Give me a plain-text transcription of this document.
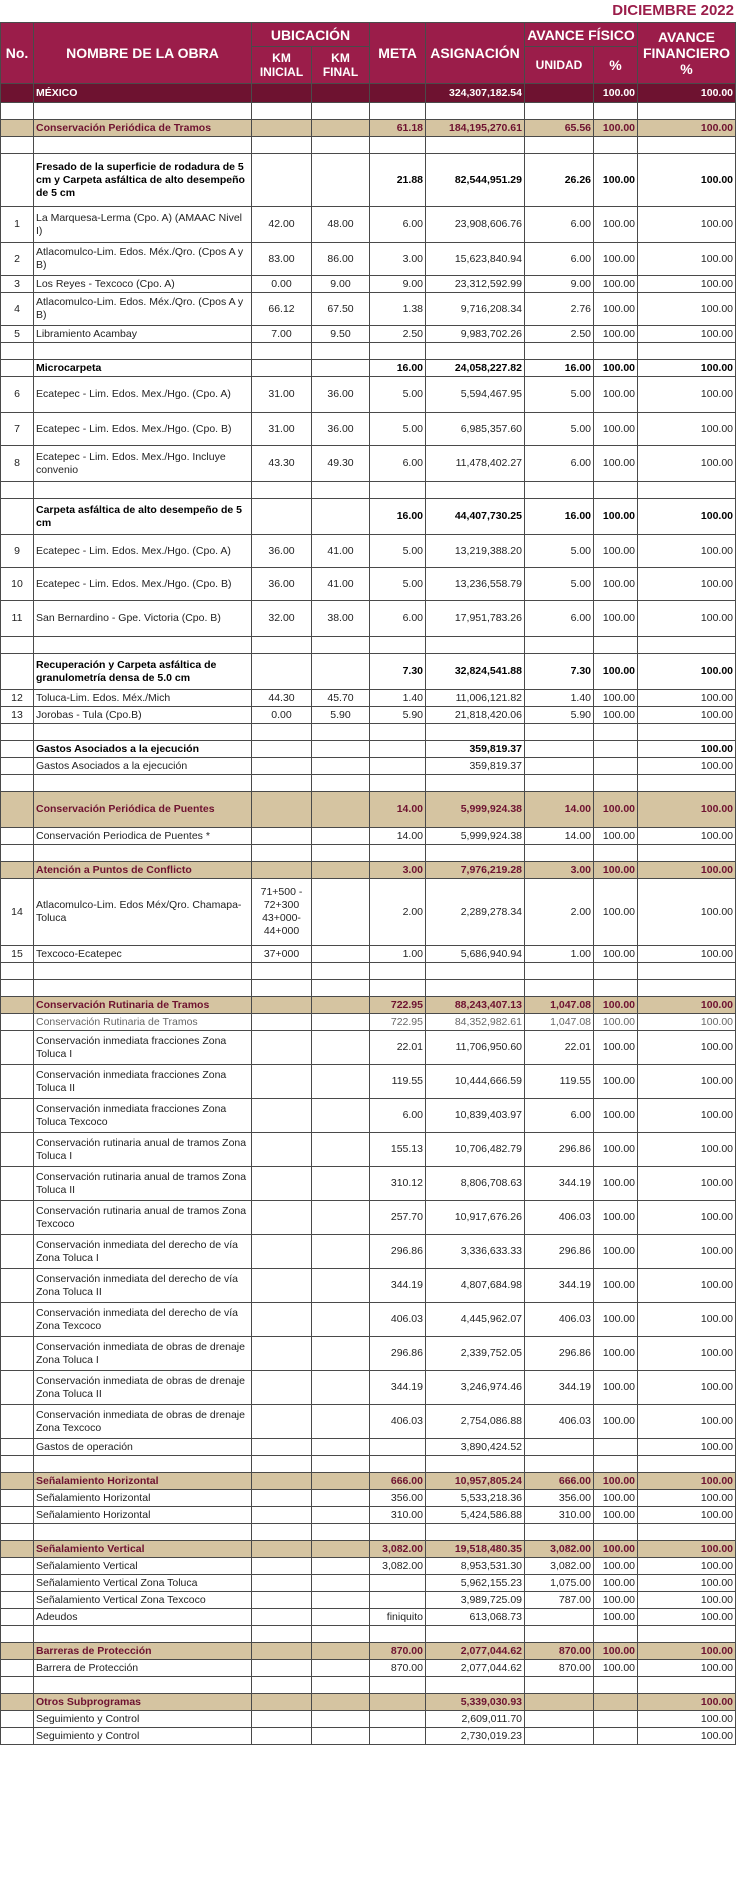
DICIEMBRE 2022
No.	NOMBRE DE LA OBRA	UBICACIÓN		META	ASIGNACIÓN	AVANCE FÍSICO		AVANCE FINANCIERO %
		KM INICIAL	KM FINAL			UNIDAD	%	
	MÉXICO				324,307,182.54		100.00	100.00

	Conservación Periódica de Tramos			61.18	184,195,270.61	65.56	100.00	100.00

	Fresado de la superficie de rodadura de 5 cm y Carpeta asfáltica de alto desempeño de 5 cm			21.88	82,544,951.29	26.26	100.00	100.00
1	La Marquesa-Lerma (Cpo. A) (AMAAC Nivel I)	42.00	48.00	6.00	23,908,606.76	6.00	100.00	100.00
2	Atlacomulco-Lim. Edos. Méx./Qro. (Cpos A y B)	83.00	86.00	3.00	15,623,840.94	6.00	100.00	100.00
3	Los Reyes - Texcoco (Cpo. A)	0.00	9.00	9.00	23,312,592.99	9.00	100.00	100.00
4	Atlacomulco-Lim. Edos. Méx./Qro. (Cpos A y B)	66.12	67.50	1.38	9,716,208.34	2.76	100.00	100.00
5	Libramiento Acambay	7.00	9.50	2.50	9,983,702.26	2.50	100.00	100.00

	Microcarpeta			16.00	24,058,227.82	16.00	100.00	100.00
6	Ecatepec - Lim. Edos. Mex./Hgo. (Cpo. A)	31.00	36.00	5.00	5,594,467.95	5.00	100.00	100.00
7	Ecatepec - Lim. Edos. Mex./Hgo. (Cpo. B)	31.00	36.00	5.00	6,985,357.60	5.00	100.00	100.00
8	Ecatepec - Lim. Edos. Mex./Hgo. Incluye convenio	43.30	49.30	6.00	11,478,402.27	6.00	100.00	100.00

	Carpeta asfáltica de alto desempeño de 5 cm			16.00	44,407,730.25	16.00	100.00	100.00
9	Ecatepec - Lim. Edos. Mex./Hgo. (Cpo. A)	36.00	41.00	5.00	13,219,388.20	5.00	100.00	100.00
10	Ecatepec - Lim. Edos. Mex./Hgo. (Cpo. B)	36.00	41.00	5.00	13,236,558.79	5.00	100.00	100.00
11	San Bernardino - Gpe. Victoria (Cpo. B)	32.00	38.00	6.00	17,951,783.26	6.00	100.00	100.00

	Recuperación y Carpeta asfáltica de granulometría densa de 5.0 cm			7.30	32,824,541.88	7.30	100.00	100.00
12	Toluca-Lim. Edos. Méx./Mich	44.30	45.70	1.40	11,006,121.82	1.40	100.00	100.00
13	Jorobas - Tula (Cpo.B)	0.00	5.90	5.90	21,818,420.06	5.90	100.00	100.00

	Gastos Asociados a la ejecución				359,819.37			100.00
	Gastos Asociados a la ejecución				359,819.37			100.00

	Conservación Periódica de Puentes			14.00	5,999,924.38	14.00	100.00	100.00
	Conservación Periodica de Puentes *			14.00	5,999,924.38	14.00	100.00	100.00

	Atención a Puntos de Conflicto			3.00	7,976,219.28	3.00	100.00	100.00
14	Atlacomulco-Lim. Edos Méx/Qro. Chamapa-Toluca	71+500 - 72+300 43+000-44+000		2.00	2,289,278.34	2.00	100.00	100.00
15	Texcoco-Ecatepec	37+000		1.00	5,686,940.94	1.00	100.00	100.00

	Conservación Rutinaria de Tramos			722.95	88,243,407.13	1,047.08	100.00	100.00
	Conservación Rutinaria de Tramos			722.95	84,352,982.61	1,047.08	100.00	100.00
	Conservación inmediata fracciones Zona Toluca I			22.01	11,706,950.60	22.01	100.00	100.00
	Conservación inmediata fracciones Zona Toluca II			119.55	10,444,666.59	119.55	100.00	100.00
	Conservación inmediata fracciones Zona Toluca Texcoco			6.00	10,839,403.97	6.00	100.00	100.00
	Conservación rutinaria anual de tramos Zona Toluca I			155.13	10,706,482.79	296.86	100.00	100.00
	Conservación rutinaria anual de tramos Zona Toluca II			310.12	8,806,708.63	344.19	100.00	100.00
	Conservación rutinaria anual de tramos Zona Texcoco			257.70	10,917,676.26	406.03	100.00	100.00
	Conservación inmediata del derecho de vía Zona Toluca I			296.86	3,336,633.33	296.86	100.00	100.00
	Conservación inmediata del derecho de vía Zona Toluca II			344.19	4,807,684.98	344.19	100.00	100.00
	Conservación inmediata del derecho de vía Zona Texcoco			406.03	4,445,962.07	406.03	100.00	100.00
	Conservación inmediata de obras de drenaje Zona Toluca I			296.86	2,339,752.05	296.86	100.00	100.00
	Conservación inmediata de obras de drenaje Zona Toluca II			344.19	3,246,974.46	344.19	100.00	100.00
	Conservación inmediata de obras de drenaje Zona Texcoco			406.03	2,754,086.88	406.03	100.00	100.00
	Gastos de operación				3,890,424.52			100.00

	Señalamiento Horizontal			666.00	10,957,805.24	666.00	100.00	100.00
	Señalamiento Horizontal			356.00	5,533,218.36	356.00	100.00	100.00
	Señalamiento Horizontal			310.00	5,424,586.88	310.00	100.00	100.00

	Señalamiento Vertical			3,082.00	19,518,480.35	3,082.00	100.00	100.00
	Señalamiento Vertical			3,082.00	8,953,531.30	3,082.00	100.00	100.00
	Señalamiento Vertical Zona Toluca				5,962,155.23	1,075.00	100.00	100.00
	Señalamiento Vertical Zona Texcoco				3,989,725.09	787.00	100.00	100.00
	Adeudos			finiquito	613,068.73		100.00	100.00

	Barreras de Protección			870.00	2,077,044.62	870.00	100.00	100.00
	Barrera de Protección			870.00	2,077,044.62	870.00	100.00	100.00

	Otros Subprogramas				5,339,030.93			100.00
	Seguimiento y Control				2,609,011.70			100.00
	Seguimiento y Control				2,730,019.23			100.00
